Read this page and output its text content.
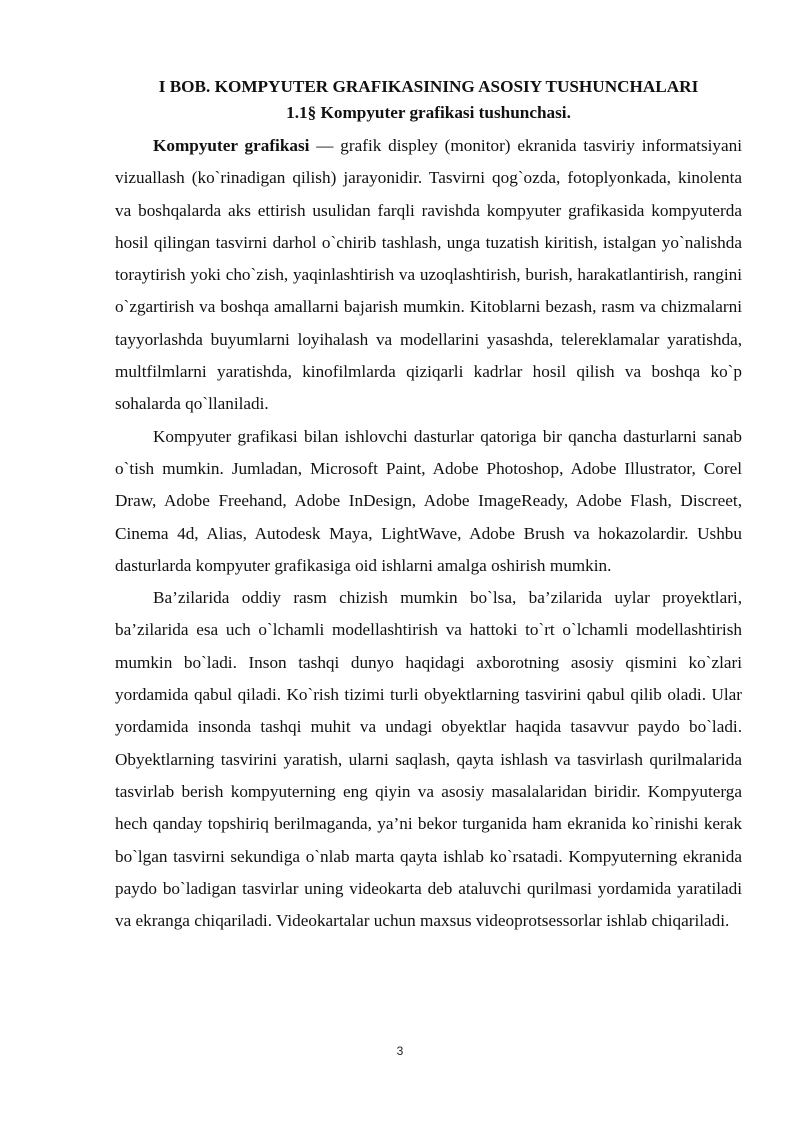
I BOB. KOMPYUTER GRAFIKASINING ASOSIY TUSHUNCHALARI
1.1§ Kompyuter grafikasi tushunchasi.

Kompyuter grafikasi — grafik displey (monitor) ekranida tasviriy informatsiyani vizuallash (ko`rinadigan qilish) jarayonidir. Tasvirni qog`ozda, fotoplyonkada, kinolenta va boshqalarda aks ettirish usulidan farqli ravishda kompyuter grafikasida kompyuterda hosil qilingan tasvirni darhol o`chirib tashlash, unga tuzatish kiritish, istalgan yo`nalishda toraytirish yoki cho`zish, yaqinlashtirish va uzoqlashtirish, burish, harakatlantirish, rangini o`zgartirish va boshqa amallarni bajarish mumkin. Kitoblarni bezash, rasm va chizmalarni tayyorlashda buyumlarni loyihalash va modellarini yasashda, telereklamalar yaratishda, multfilmlarni yaratishda, kinofilmlarda qiziqarli kadrlar hosil qilish va boshqa ko`p sohalarda qo`llaniladi.

Kompyuter grafikasi bilan ishlovchi dasturlar qatoriga bir qancha dasturlarni sanab o`tish mumkin. Jumladan, Microsoft Paint, Adobe Photoshop, Adobe Illustrator, Corel Draw, Adobe Freehand, Adobe InDesign, Adobe ImageReady, Adobe Flash, Discreet, Cinema 4d, Alias, Autodesk Maya, LightWave, Adobe Brush va hokazolardir. Ushbu dasturlarda kompyuter grafikasiga oid ishlarni amalga oshirish mumkin.

Ba’zilarida oddiy rasm chizish mumkin bo`lsa, ba’zilarida uylar proyektlari, ba’zilarida esa uch o`lchamli modellashtirish va hattoki to`rt o`lchamli modellashtirish mumkin bo`ladi. Inson tashqi dunyo haqidagi axborotning asosiy qismini ko`zlari yordamida qabul qiladi. Ko`rish tizimi turli obyektlarning tasvirini qabul qilib oladi. Ular yordamida insonda tashqi muhit va undagi obyektlar haqida tasavvur paydo bo`ladi. Obyektlarning tasvirini yaratish, ularni saqlash, qayta ishlash va tasvirlash qurilmalarida tasvirlab berish kompyuterning eng qiyin va asosiy masalalaridan biridir. Kompyuterga hech qanday topshiriq berilmaganda, ya’ni bekor turganida ham ekranida ko`rinishi kerak bo`lgan tasvirni sekundiga o`nlab marta qayta ishlab ko`rsatadi. Kompyuterning ekranida paydo bo`ladigan tasvirlar uning videokarta deb ataluvchi qurilmasi yordamida yaratiladi va ekranga chiqariladi. Videokartalar uchun maxsus videoprotsessorlar ishlab chiqariladi.

3
